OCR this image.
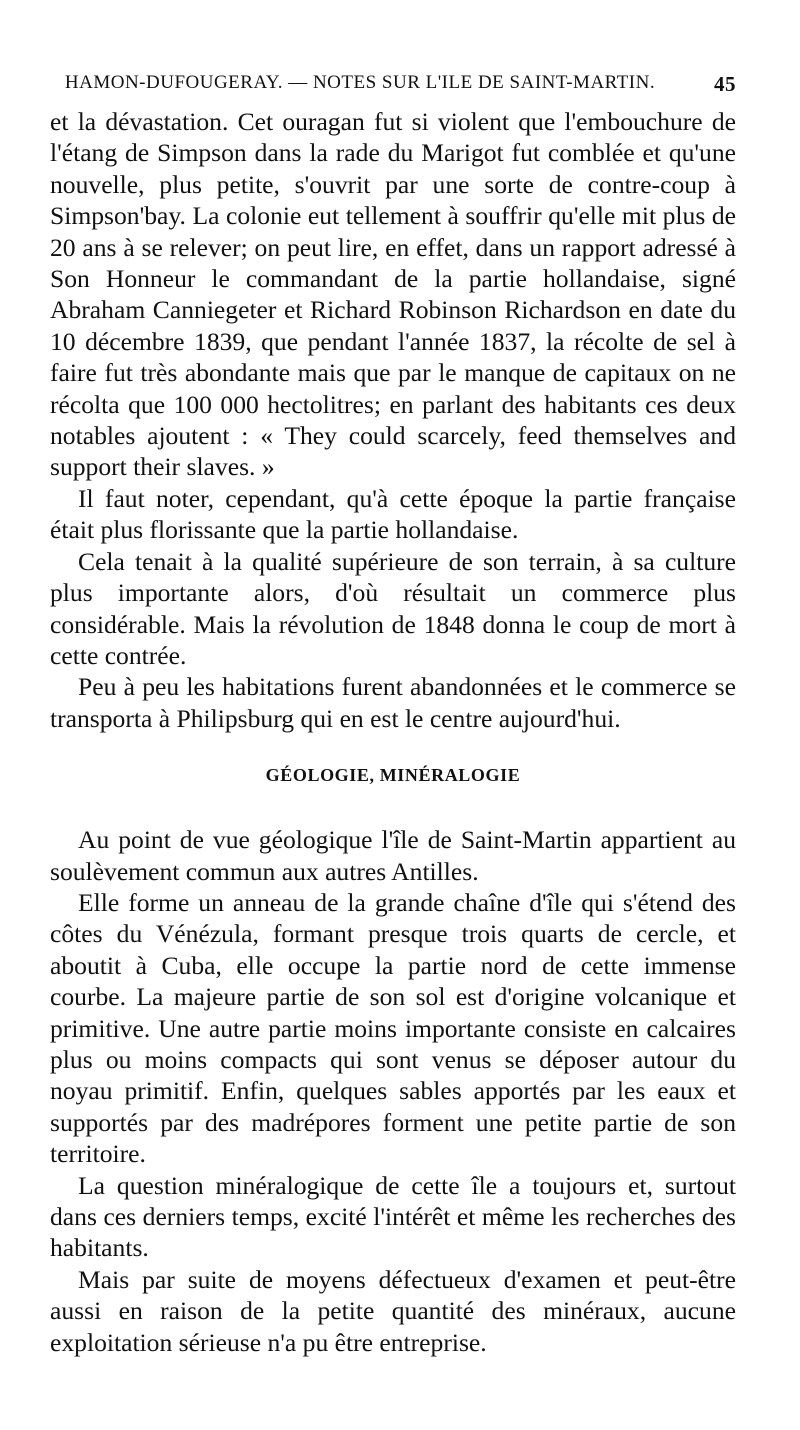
HAMON-DUFOUGERAY. — NOTES SUR L'ILE DE SAINT-MARTIN.	45

et la dévastation. Cet ouragan fut si violent que l'embouchure de l'étang de Simpson dans la rade du Marigot fut comblée et qu'une nouvelle, plus petite, s'ouvrit par une sorte de contre-coup à Simpson'bay. La colonie eut tellement à souffrir qu'elle mit plus de 20 ans à se relever; on peut lire, en effet, dans un rapport adressé à Son Honneur le commandant de la partie hollandaise, signé Abraham Canniegeter et Richard Robinson Richardson en date du 10 décembre 1839, que pendant l'année 1837, la récolte de sel à faire fut très abondante mais que par le manque de capitaux on ne récolta que 100 000 hectolitres; en parlant des habitants ces deux notables ajoutent : « They could scarcely, feed themselves and support their slaves. »

Il faut noter, cependant, qu'à cette époque la partie française était plus florissante que la partie hollandaise.

Cela tenait à la qualité supérieure de son terrain, à sa culture plus importante alors, d'où résultait un commerce plus considérable. Mais la révolution de 1848 donna le coup de mort à cette contrée.

Peu à peu les habitations furent abandonnées et le commerce se transporta à Philipsburg qui en est le centre aujourd'hui.

GÉOLOGIE, MINÉRALOGIE

Au point de vue géologique l'île de Saint-Martin appartient au soulèvement commun aux autres Antilles.

Elle forme un anneau de la grande chaîne d'île qui s'étend des côtes du Vénézula, formant presque trois quarts de cercle, et aboutit à Cuba, elle occupe la partie nord de cette immense courbe. La majeure partie de son sol est d'origine volcanique et primitive. Une autre partie moins importante consiste en calcaires plus ou moins compacts qui sont venus se déposer autour du noyau primitif. Enfin, quelques sables apportés par les eaux et supportés par des madrépores forment une petite partie de son territoire.

La question minéralogique de cette île a toujours et, surtout dans ces derniers temps, excité l'intérêt et même les recherches des habitants.

Mais par suite de moyens défectueux d'examen et peut-être aussi en raison de la petite quantité des minéraux, aucune exploitation sérieuse n'a pu être entreprise.
